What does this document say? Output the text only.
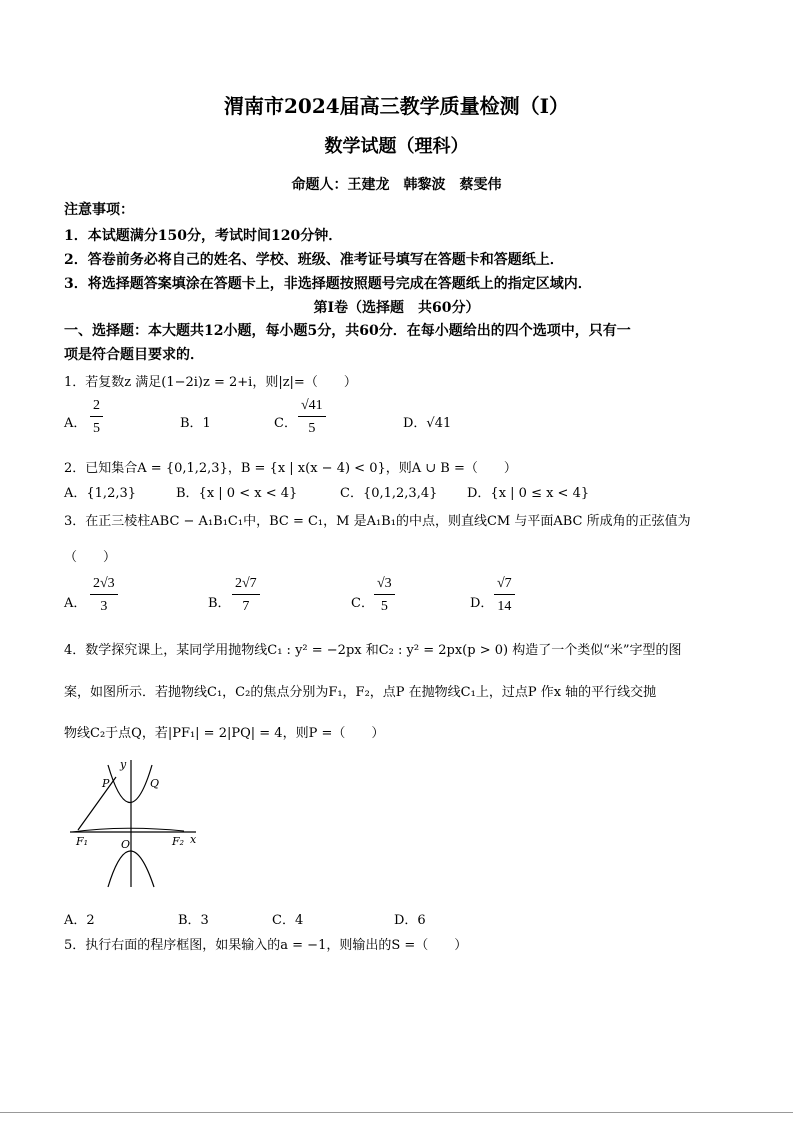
渭南市2024届高三教学质量检测（Ⅰ）
数学试题（理科）
命题人：王建龙　韩黎波　蔡雯伟
注意事项：
1．本试题满分150分，考试时间120分钟．
2．答卷前务必将自己的姓名、学校、班级、准考证号填写在答题卡和答题纸上．
3．将选择题答案填涂在答题卡上，非选择题按照题号完成在答题纸上的指定区域内．
第Ⅰ卷（选择题　共60分）
一、选择题：本大题共12小题，每小题5分，共60分．在每小题给出的四个选项中，只有一
项是符合题目要求的．
1．若复数z 满足(1−2i)z = 2+i，则|z|=（　　）
A． $\frac{2}{5}$	B．1	C． $\frac{√41}{5}$	D．√41
2．已知集合A = {0,1,2,3}，B = {x | x(x − 4) < 0}，则A ∪ B =（　　）
A．{1,2,3}	B．{x | 0 < x < 4}	C．{0,1,2,3,4} D．{x | 0 ≤ x < 4}
3．在正三棱柱ABC − A₁B₁C₁中，BC = C₁，M 是A₁B₁的中点，则直线CM 与平面ABC 所成角的正弦值为
（　　）
A． $\frac{2√3}{3}$	B． $\frac{2√7}{7}$	C． $\frac{√3}{5}$	D． $\frac{√7}{14}$
4．数学探究课上，某同学用抛物线C₁ : y² = −2px 和C₂ : y² = 2px(p > 0) 构造了一个类似“米”字型的图
案，如图所示．若抛物线C₁，C₂的焦点分别为F₁，F₂，点P 在抛物线C₁上，过点P 作x 轴的平行线交抛
物线C₂于点Q，若|PF₁| = 2|PQ| = 4，则P =（　　）
P	Q
y
x
O
F₁	F₂
A．2	B．3	C．4	D．6
5．执行右面的程序框图，如果输入的a = −1，则输出的S =（　　）
